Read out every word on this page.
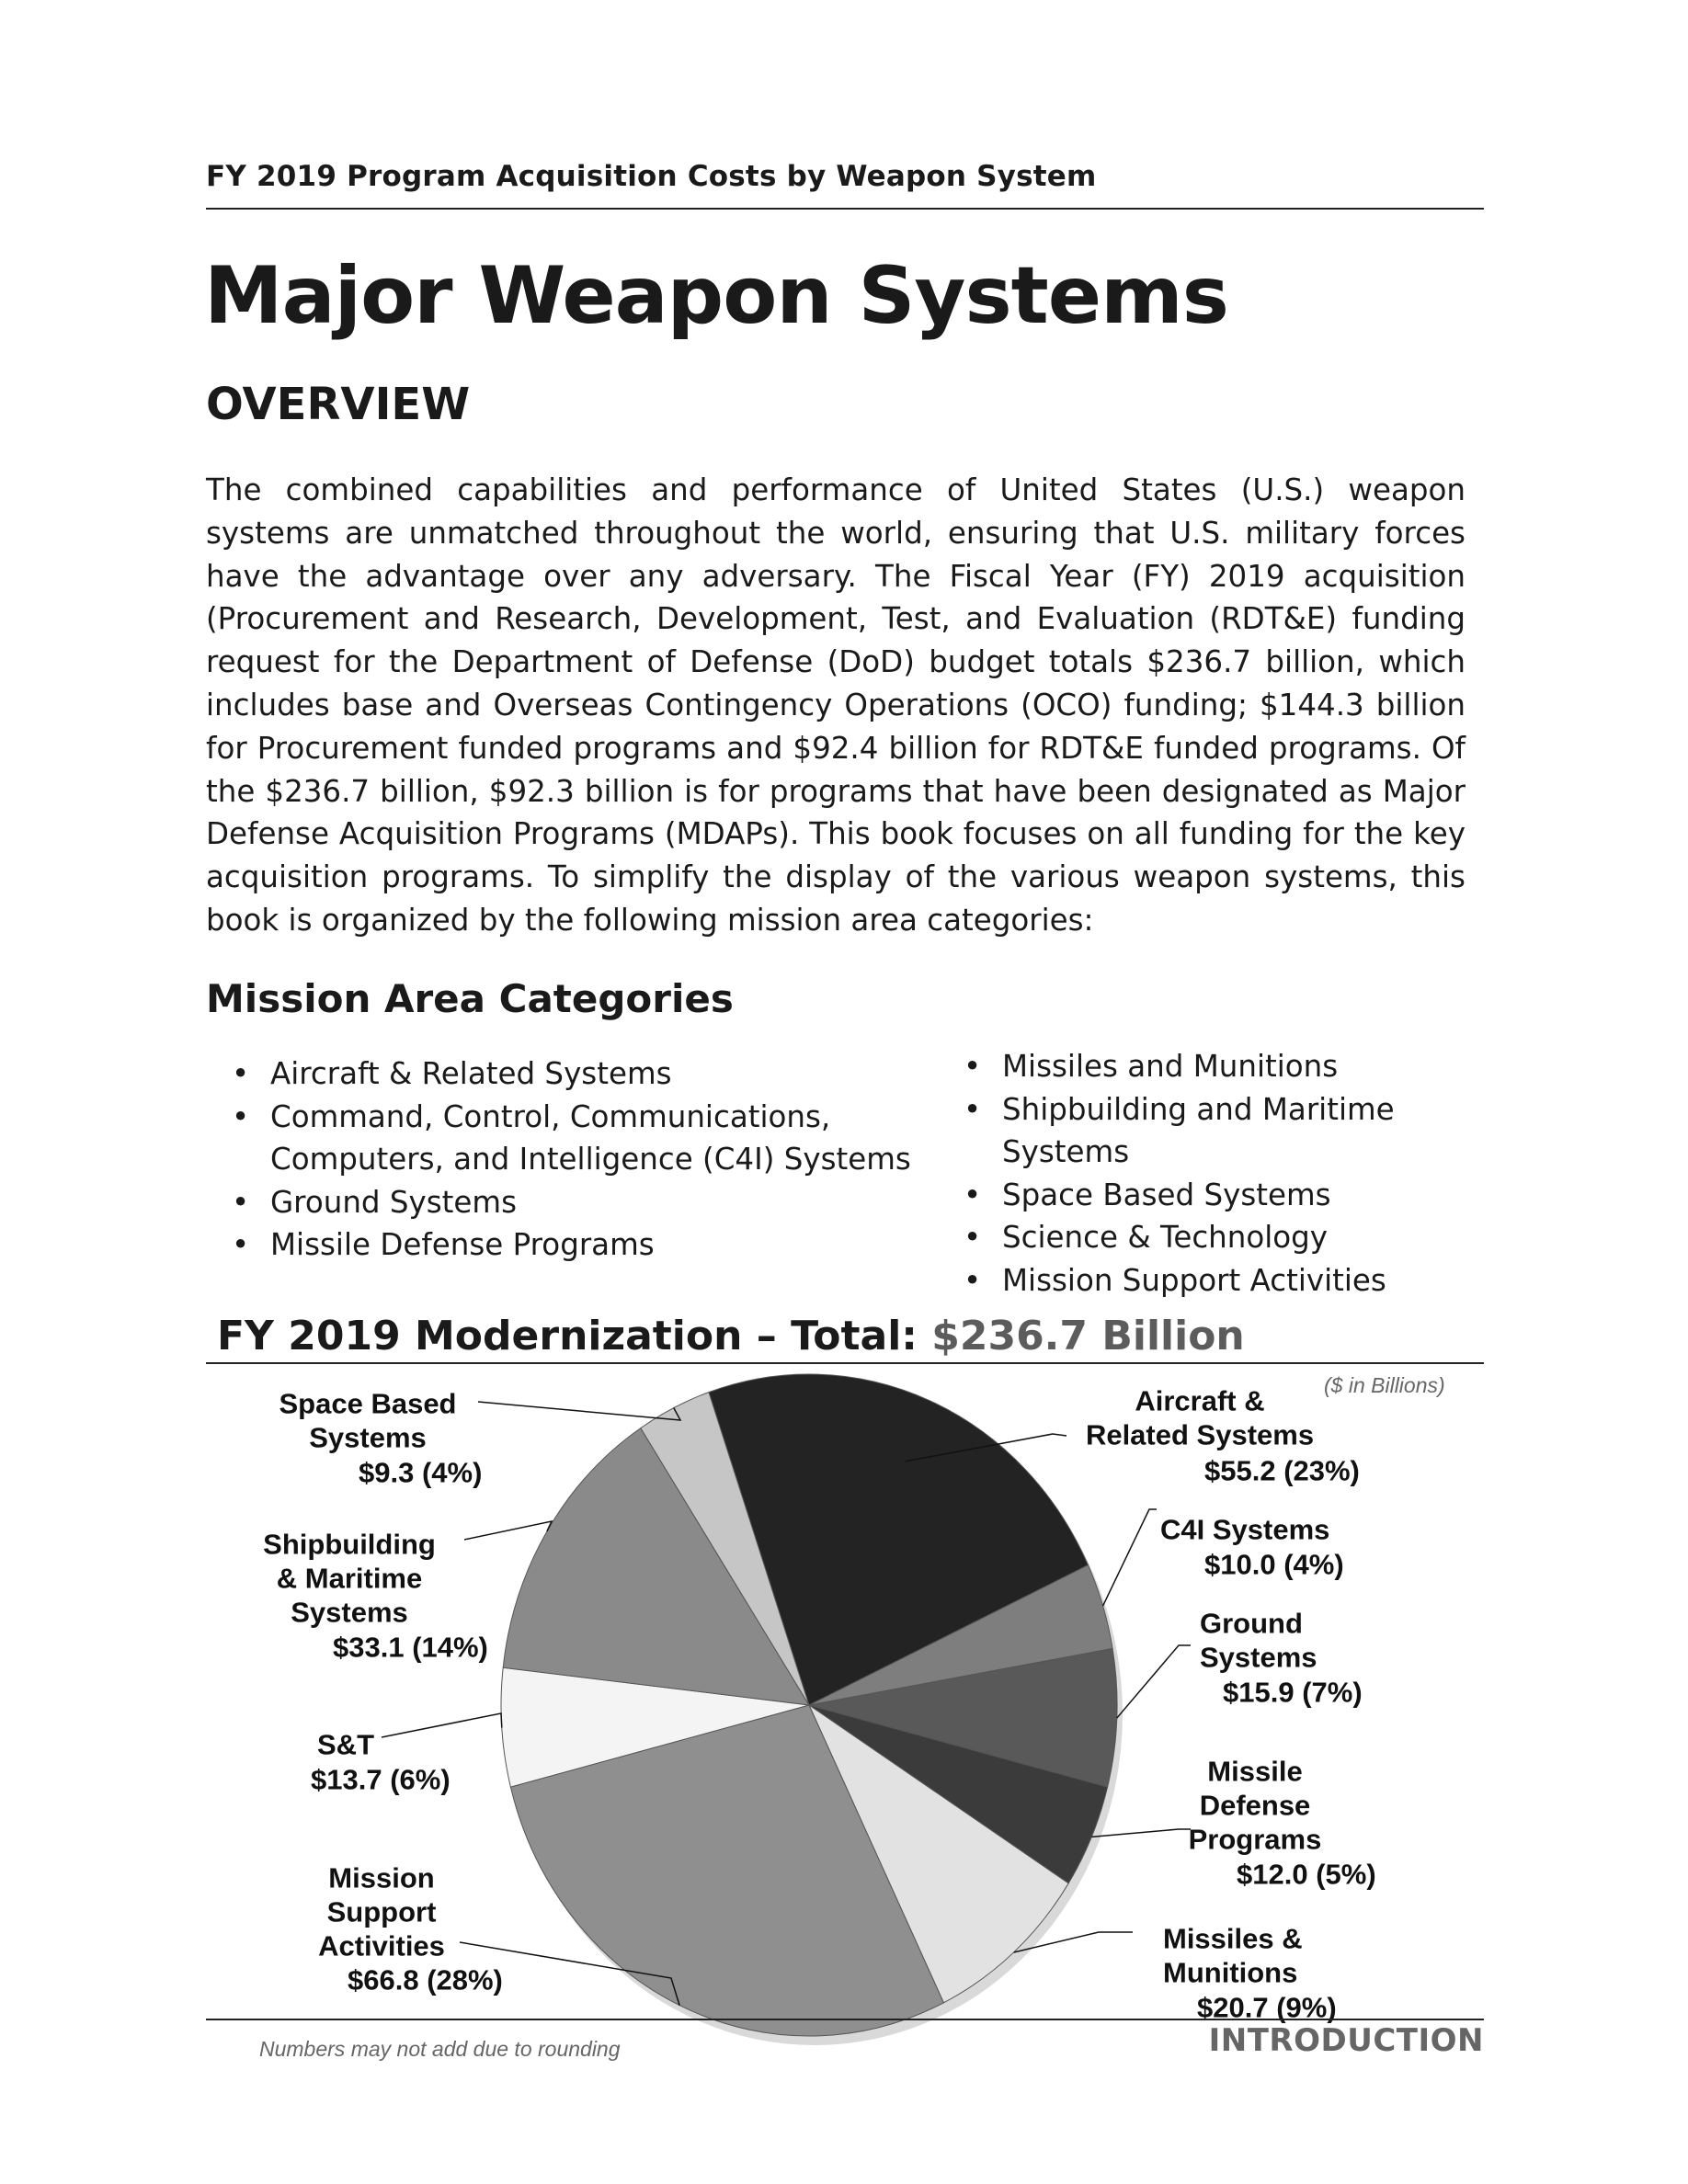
FY 2019 Program Acquisition Costs by Weapon System
Major Weapon Systems
OVERVIEW

The combined capabilities and performance of United States (U.S.) weapon systems are unmatched throughout the world, ensuring that U.S. military forces have the advantage over any adversary. The Fiscal Year (FY) 2019 acquisition (Procurement and Research, Development, Test, and Evaluation (RDT&E) funding request for the Department of Defense (DoD) budget totals $236.7 billion, which includes base and Overseas Contingency Operations (OCO) funding; $144.3 billion for Procurement funded programs and $92.4 billion for RDT&E funded programs. Of the $236.7 billion, $92.3 billion is for programs that have been designated as Major Defense Acquisition Programs (MDAPs). This book focuses on all funding for the key acquisition programs. To simplify the display of the various weapon systems, this book is organized by the following mission area categories:

Mission Area Categories
• Aircraft & Related Systems
• Command, Control, Communications, Computers, and Intelligence (C4I) Systems
• Ground Systems
• Missile Defense Programs
• Missiles and Munitions
• Shipbuilding and Maritime Systems
• Space Based Systems
• Science & Technology
• Mission Support Activities
FY 2019 Modernization – Total: $236.7 Billion

($ in Billions)

Aircraft &
Related Systems
$55.2 (23%)
C4I Systems
$10.0 (4%)
Ground
Systems
$15.9 (7%)
Missile
Defense
Programs
$12.0 (5%)
Missiles &
Munitions
$20.7 (9%)
Mission
Support
Activities
$66.8 (28%)
S&T
$13.7 (6%)
Shipbuilding
& Maritime
Systems
$33.1 (14%)
Space Based
Systems
$9.3 (4%)

Numbers may not add due to rounding	INTRODUCTION
